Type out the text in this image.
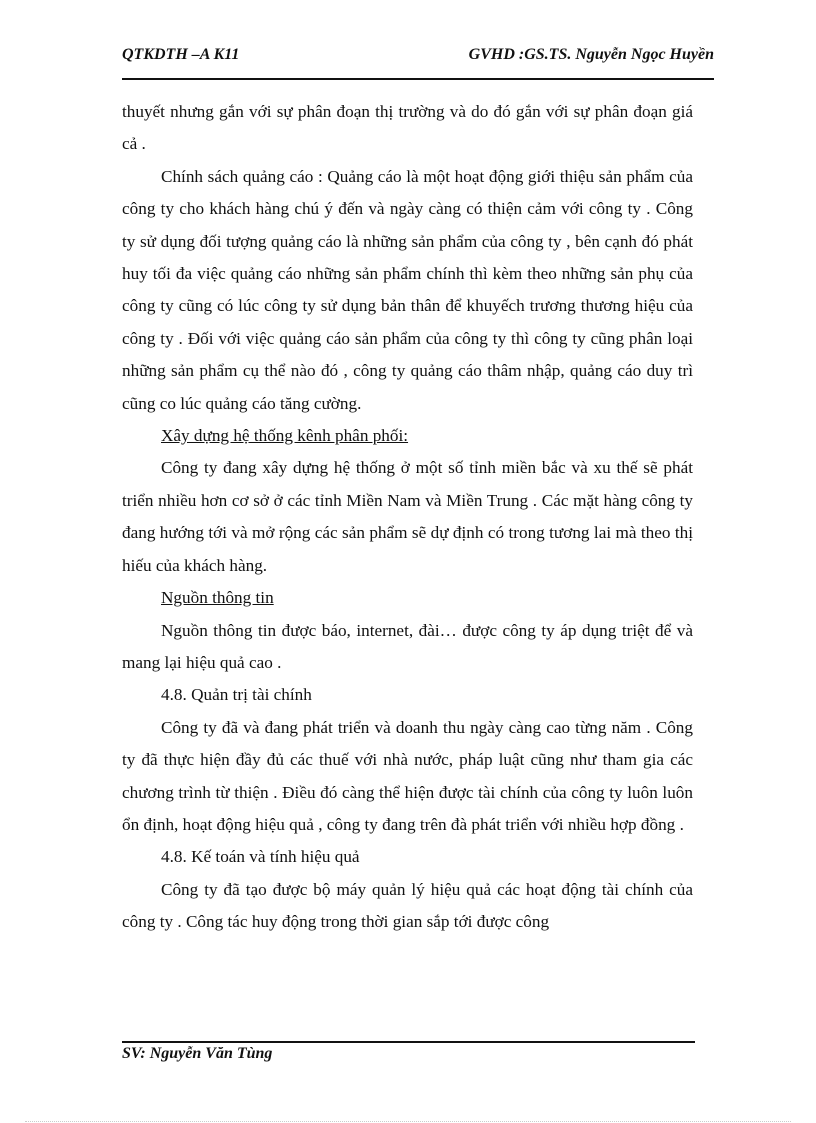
QTKDTH –A K11	GVHD :GS.TS. Nguyễn Ngọc Huyền

thuyết nhưng gắn với sự phân đoạn thị trường và do đó gắn với sự phân đoạn giá cả .

Chính sách quảng cáo : Quảng cáo là một hoạt động giới thiệu sản phẩm của công ty cho khách hàng chú ý đến và ngày càng có thiện cảm với công ty . Công ty sử dụng đối tượng quảng cáo là những sản phẩm của công ty , bên cạnh đó phát huy tối đa việc quảng cáo những sản phẩm chính thì kèm theo những sản phụ của công ty cũng có lúc công ty sử dụng bản thân để khuyếch trương thương hiệu của công ty . Đối với việc quảng cáo sản phẩm của công ty thì công ty cũng phân loại những sản phẩm cụ thể nào đó , công ty quảng cáo thâm nhập, quảng cáo duy trì cũng co lúc quảng cáo tăng cường.

Xây dựng hệ thống kênh phân phối:

Công ty đang xây dựng hệ thống ở một số tỉnh miền bắc và xu thế sẽ phát triển nhiều hơn cơ sở ở các tỉnh Miền Nam và Miền Trung . Các mặt hàng công ty đang hướng tới và mở rộng các sản phẩm sẽ dự định có trong tương lai mà theo thị hiếu của khách hàng.

Nguồn thông tin

Nguồn thông tin được báo, internet, đài… được công ty áp dụng triệt để và mang lại hiệu quả cao .

4.8. Quản trị tài chính

Công ty đã và đang phát triển và doanh thu ngày càng cao từng năm . Công ty đã thực hiện đầy đủ các thuế với nhà nước, pháp luật cũng như tham gia các chương trình từ thiện . Điều đó càng thể hiện được tài chính của công ty luôn luôn ổn định, hoạt động hiệu quả , công ty đang trên đà phát triển với nhiều hợp đồng .

4.8. Kế toán và tính hiệu quả

Công ty đã tạo được bộ máy quản lý hiệu quả các hoạt động tài chính của công ty . Công tác huy động trong thời gian sắp tới được công

SV: Nguyễn Văn Tùng
